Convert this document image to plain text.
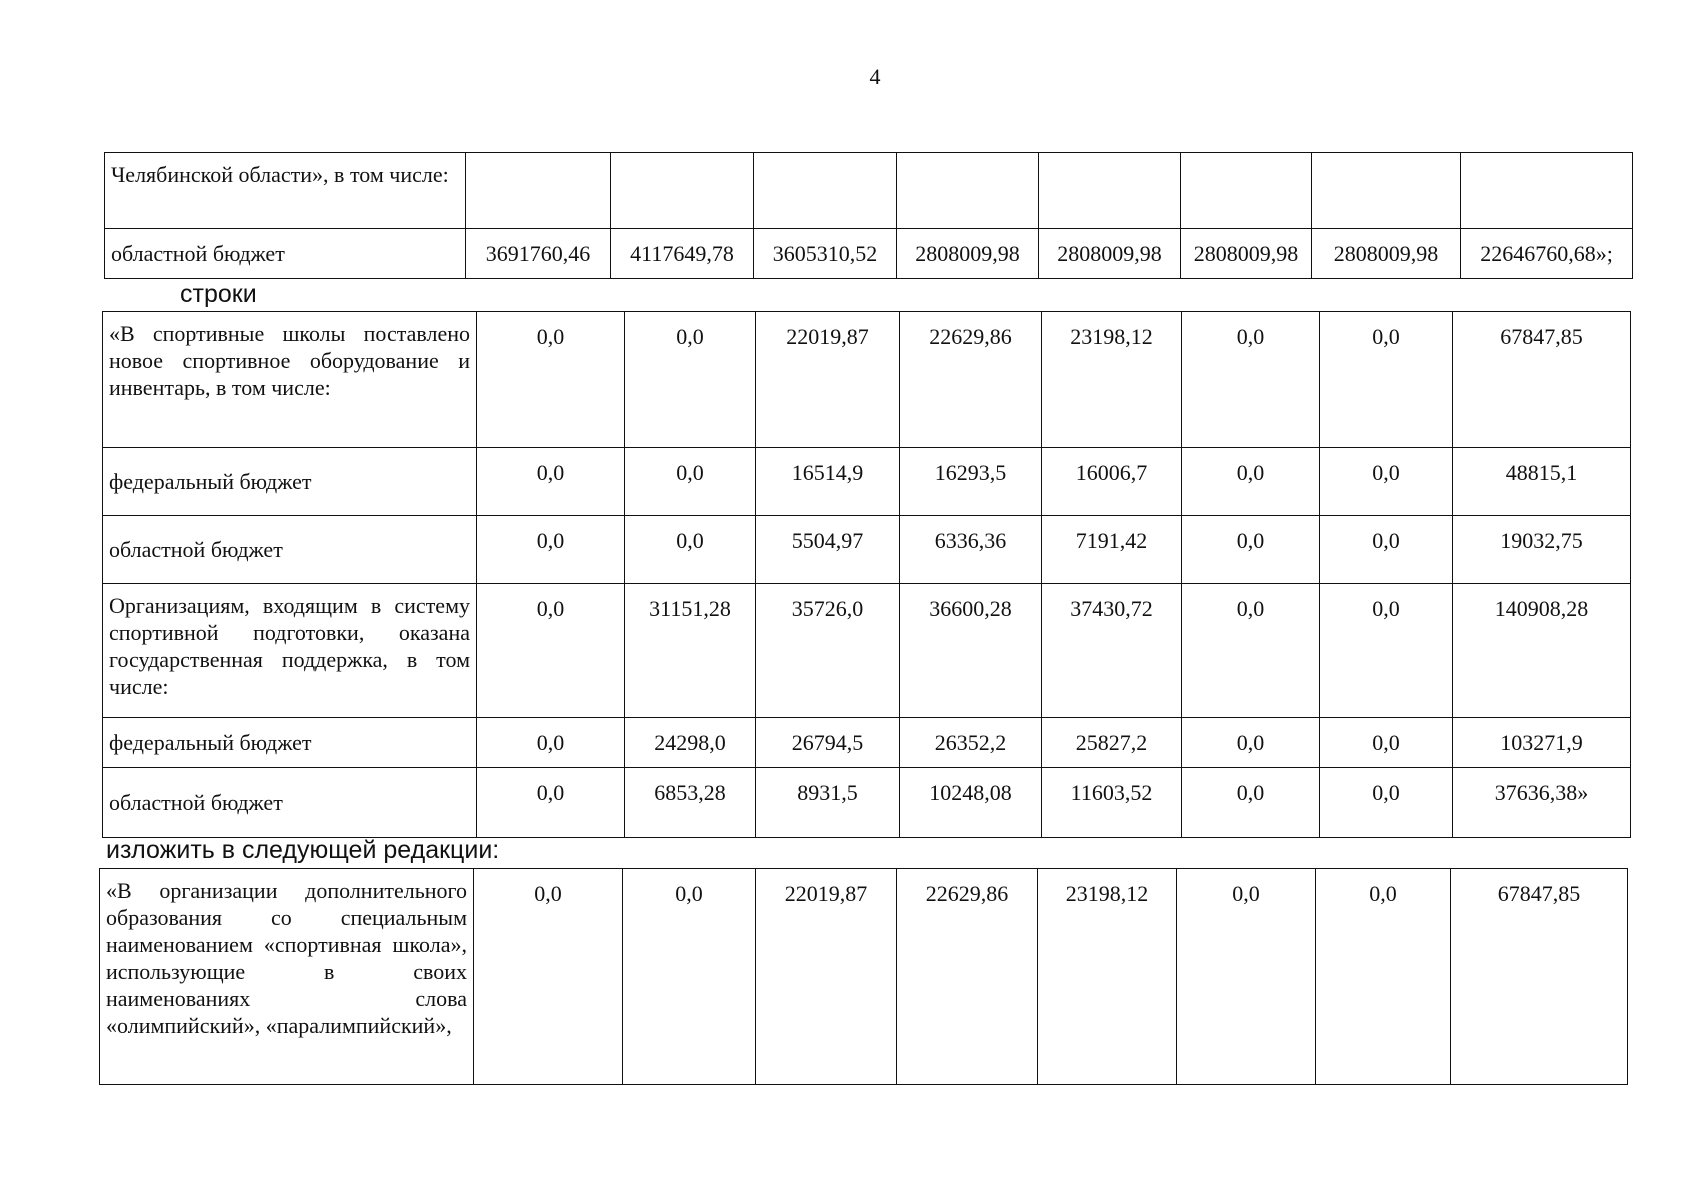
4
Челябинской области», в том числе:								
областной бюджет	3691760,46	4117649,78	3605310,52	2808009,98	2808009,98	2808009,98	2808009,98	22646760,68»;
строки
«В спортивные школы поставлено новое спортивное оборудование и инвентарь, в том числе:	0,0	0,0	22019,87	22629,86	23198,12	0,0	0,0	67847,85
федеральный бюджет	0,0	0,0	16514,9	16293,5	16006,7	0,0	0,0	48815,1
областной бюджет	0,0	0,0	5504,97	6336,36	7191,42	0,0	0,0	19032,75
Организациям, входящим в систему спортивной подготовки, оказана государственная поддержка, в том числе:	0,0	31151,28	35726,0	36600,28	37430,72	0,0	0,0	140908,28
федеральный бюджет	0,0	24298,0	26794,5	26352,2	25827,2	0,0	0,0	103271,9
областной бюджет	0,0	6853,28	8931,5	10248,08	11603,52	0,0	0,0	37636,38»
изложить в следующей редакции:
«В организации дополнительного образования со специальным наименованием «спортивная школа», использующие в своих наименованиях слова «олимпийский», «паралимпийский»,	0,0	0,0	22019,87	22629,86	23198,12	0,0	0,0	67847,85
